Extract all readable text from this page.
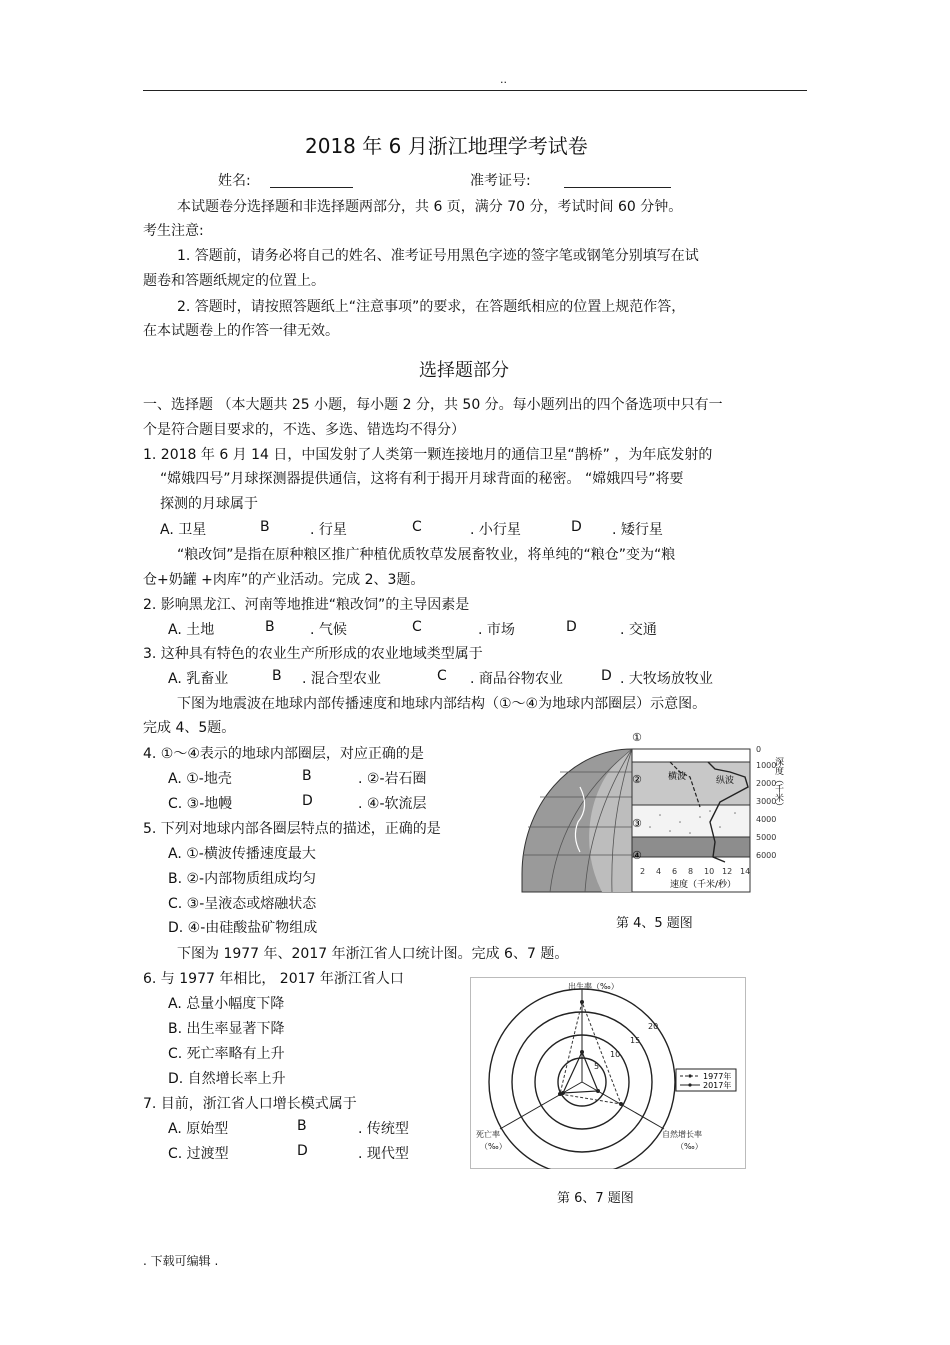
..
2018 年 6 月浙江地理学考试卷
姓名:	准考证号:
本试题卷分选择题和非选择题两部分，共 6 页，满分 70 分，考试时间 60 分钟。
考生注意:
1. 答题前，请务必将自己的姓名、准考证号用黑色字迹的签字笔或钢笔分别填写在试
题卷和答题纸规定的位置上。
2. 答题时，请按照答题纸上“注意事项”的要求，在答题纸相应的位置上规范作答，
在本试题卷上的作答一律无效。
选择题部分
一、选择题 （本大题共 25 小题，每小题 2 分，共 50 分。每小题列出的四个备选项中只有一
个是符合题目要求的，不选、多选、错选均不得分）
1. 2018 年 6 月 14 日，中国发射了人类第一颗连接地月的通信卫星“鹊桥” ，为年底发射的
“嫦娥四号”月球探测器提供通信，这将有利于揭开月球背面的秘密。 “嫦娥四号”将要
探测的月球属于
A. 卫星	B	. 行星	C	. 小行星	D . 矮行星
“粮改饲”是指在原种粮区推广种植优质牧草发展畜牧业，将单纯的“粮仓”变为“粮
仓+奶罐 +肉库”的产业活动。完成 2、3题。
2. 影响黑龙江、河南等地推进“粮改饲”的主导因素是
A. 土地	B	. 气候	C	. 市场	D	. 交通
3. 这种具有特色的农业生产所形成的农业地域类型属于
A. 乳畜业	B . 混合型农业	C . 商品谷物农业	D . 大牧场放牧业
下图为地震波在地球内部传播速度和地球内部结构（①～④为地球内部圈层）示意图。
完成 4、5题。
4. ①～④表示的地球内部圈层，对应正确的是
A. ①-地壳	B	. ②-岩石圈
C. ③-地幔	D	. ④-软流层
5. 下列对地球内部各圈层特点的描述，正确的是
A. ①-横波传播速度最大
B. ②-内部物质组成均匀
C. ③-呈液态或熔融状态
D. ④-由硅酸盐矿物组成
横波	纵波
①
②
③
④
0
1000
2000
3000
4000
5000
6000
深度（千米）
2 4 6 8 10 12 14
速度（千米/秒）
第 4、5 题图
下图为 1977 年、2017 年浙江省人口统计图。完成 6、7 题。
6. 与 1977 年相比， 2017 年浙江省人口
A. 总量小幅度下降
B. 出生率显著下降
C. 死亡率略有上升
D. 自然增长率上升
7. 目前，浙江省人口增长模式属于
A. 原始型	B	. 传统型
C. 过渡型	D	. 现代型
5
10
15
20
出生率（‰）
死亡率
（‰）
自然增长率
（‰）
1977年
2017年
第 6、7 题图
. 下载可编辑 .
